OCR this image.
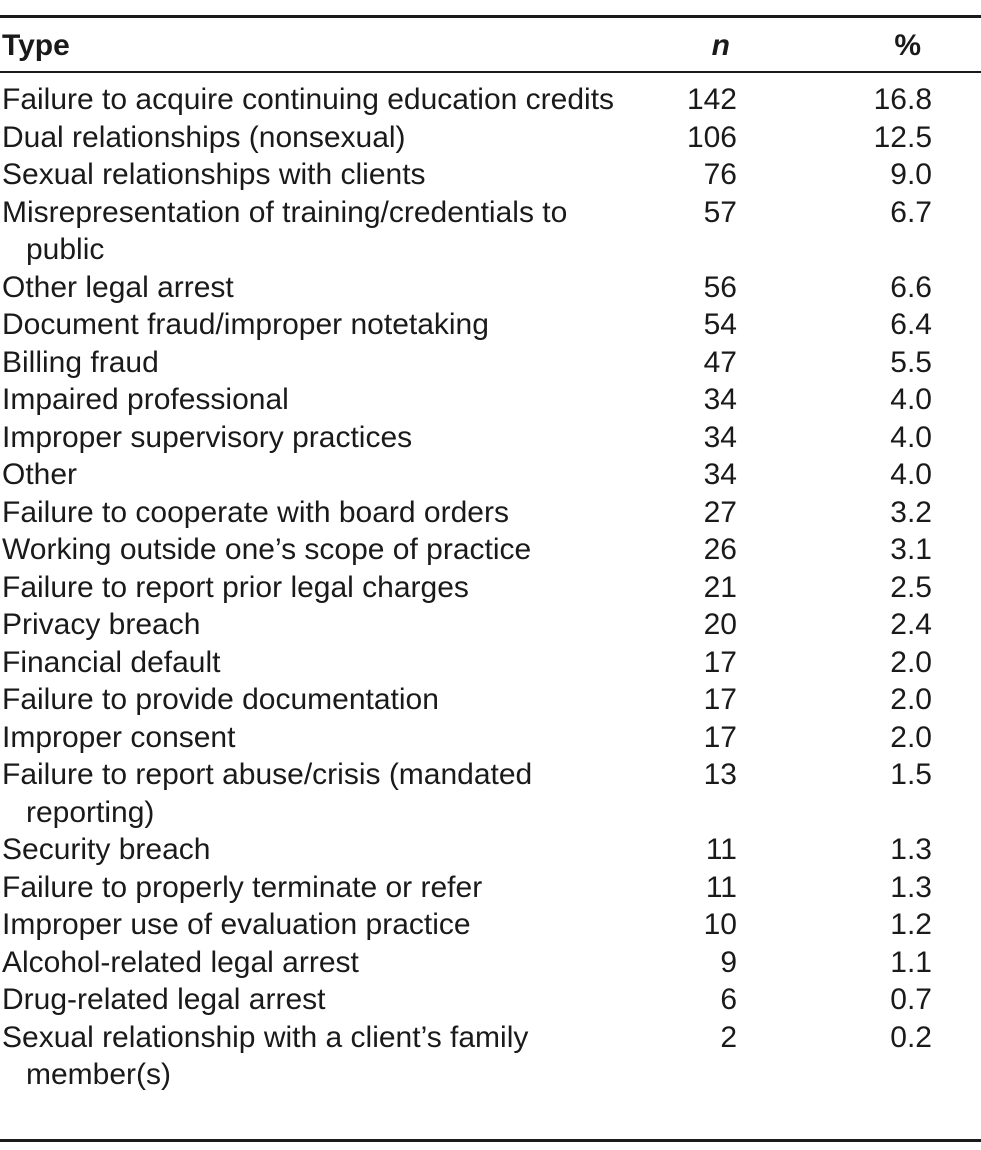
Type	n	%
Failure to acquire continuing education credits	142	16.8	

Dual relationships (nonsexual)	106	12.5	

Sexual relationships with clients	76	9.0	

Misrepresentation of training/credentials to public	57	6.7	

Other legal arrest	56	6.6	

Document fraud/improper notetaking	54	6.4	

Billing fraud	47	5.5	

Impaired professional	34	4.0	

Improper supervisory practices	34	4.0	

Other	34	4.0	

Failure to cooperate with board orders	27	3.2	

Working outside one’s scope of practice	26	3.1	

Failure to report prior legal charges	21	2.5	

Privacy breach	20	2.4	

Financial default	17	2.0	

Failure to provide documentation	17	2.0	

Improper consent	17	2.0	

Failure to report abuse/crisis (mandated reporting)	13	1.5	

Security breach	11	1.3	

Failure to properly terminate or refer	11	1.3	

Improper use of evaluation practice	10	1.2	

Alcohol-related legal arrest	9	1.1	

Drug-related legal arrest	6	0.7	

Sexual relationship with a client’s family member(s)	2	0.2	
